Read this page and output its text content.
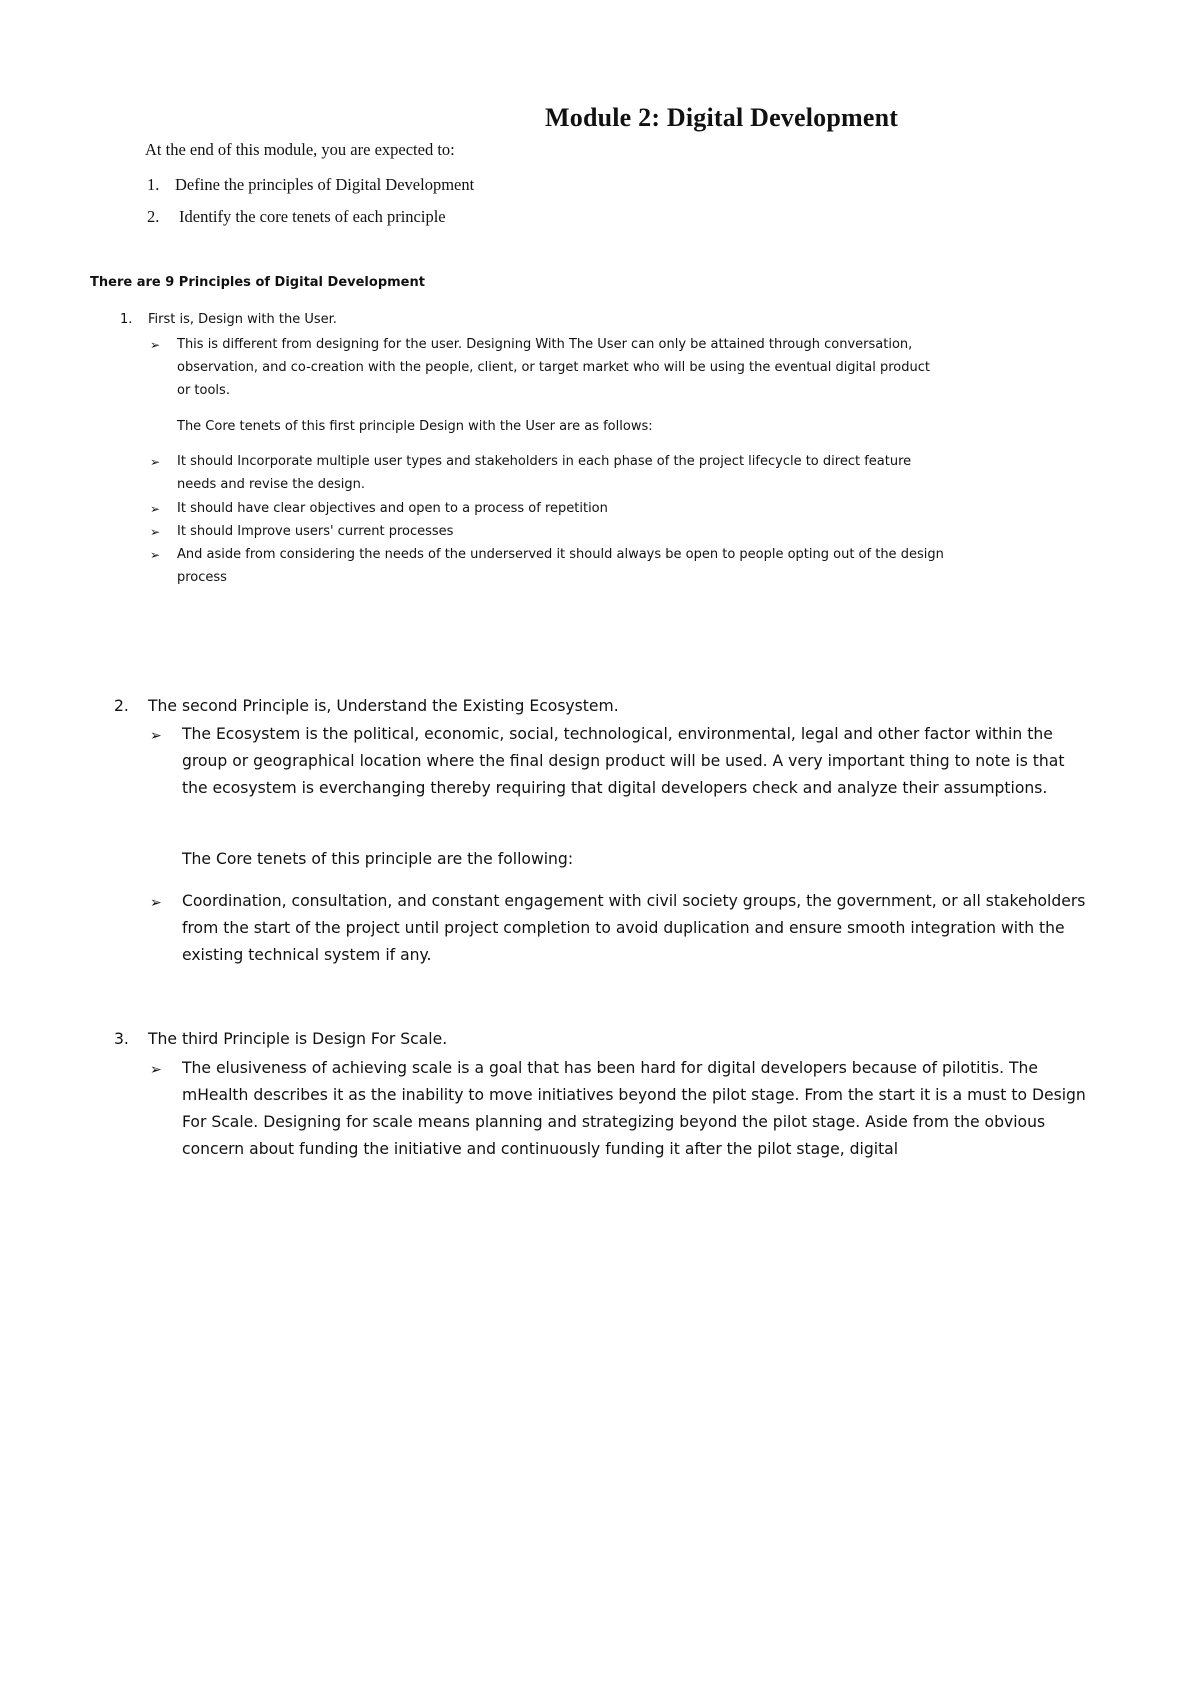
Module 2: Digital Development
At the end of this module, you are expected to:
1. Define the principles of Digital Development
2. Identify the core tenets of each principle
There are 9 Principles of Digital Development
1. First is, Design with the User.
➢ This is different from designing for the user. Designing With The User can only be attained through conversation, observation, and co-creation with the people, client, or target market who will be using the eventual digital product or tools.

The Core tenets of this first principle Design with the User are as follows:

➢ It should Incorporate multiple user types and stakeholders in each phase of the project lifecycle to direct feature needs and revise the design.

➢ It should have clear objectives and open to a process of repetition

➢ It should Improve users' current processes

➢ And aside from considering the needs of the underserved it should always be open to people opting out of the design process

2. The second Principle is, Understand the Existing Ecosystem.
➢ The Ecosystem is the political, economic, social, technological, environmental, legal and other factor within the group or geographical location where the final design product will be used. A very important thing to note is that the ecosystem is everchanging thereby requiring that digital developers check and analyze their assumptions.

The Core tenets of this principle are the following:

➢ Coordination, consultation, and constant engagement with civil society groups, the government, or all stakeholders from the start of the project until project completion to avoid duplication and ensure smooth integration with the existing technical system if any.

3. The third Principle is Design For Scale.
➢ The elusiveness of achieving scale is a goal that has been hard for digital developers because of pilotitis. The mHealth describes it as the inability to move initiatives beyond the pilot stage. From the start it is a must to Design For Scale. Designing for scale means planning and strategizing beyond the pilot stage. Aside from the obvious concern about funding the initiative and continuously funding it after the pilot stage, digital
